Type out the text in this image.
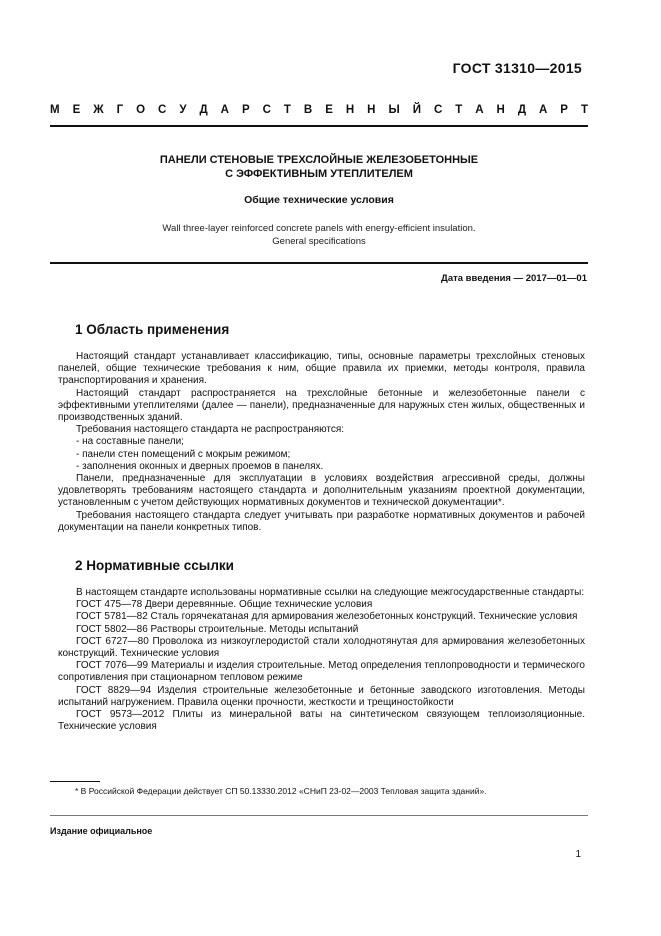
ГОСТ 31310—2015
М Е Ж Г О С У Д А Р С Т В Е Н Н Ы Й С Т А Н Д А Р Т
ПАНЕЛИ СТЕНОВЫЕ ТРЕХСЛОЙНЫЕ ЖЕЛЕЗОБЕТОННЫЕ
С ЭФФЕКТИВНЫМ УТЕПЛИТЕЛЕМ
Общие технические условия
Wall three-layer reinforced concrete panels with energy-efficient insulation.
General specifications
Дата введения — 2017—01—01
1 Область применения

Настоящий стандарт устанавливает классификацию, типы, основные параметры трехслойных стеновых панелей, общие технические требования к ним, общие правила их приемки, методы контроля, правила транспортирования и хранения.

Настоящий стандарт распространяется на трехслойные бетонные и железобетонные панели с эффективными утеплителями (далее — панели), предназначенные для наружных стен жилых, общественных и производственных зданий.

Требования настоящего стандарта не распространяются:

- на составные панели;

- панели стен помещений с мокрым режимом;

- заполнения оконных и дверных проемов в панелях.

Панели, предназначенные для эксплуатации в условиях воздействия агрессивной среды, должны удовлетворять требованиям настоящего стандарта и дополнительным указаниям проектной документации, установленным с учетом действующих нормативных документов и технической документации*.

Требования настоящего стандарта следует учитывать при разработке нормативных документов и рабочей документации на панели конкретных типов.

2 Нормативные ссылки

В настоящем стандарте использованы нормативные ссылки на следующие межгосударственные стандарты:

ГОСТ 475—78 Двери деревянные. Общие технические условия

ГОСТ 5781—82 Сталь горячекатаная для армирования железобетонных конструкций. Технические условия

ГОСТ 5802—86 Растворы строительные. Методы испытаний

ГОСТ 6727—80 Проволока из низкоуглеродистой стали холоднотянутая для армирования железобетонных конструкций. Технические условия

ГОСТ 7076—99 Материалы и изделия строительные. Метод определения теплопроводности и термического сопротивления при стационарном тепловом режиме

ГОСТ 8829—94 Изделия строительные железобетонные и бетонные заводского изготовления. Методы испытаний нагружением. Правила оценки прочности, жесткости и трещиностойкости

ГОСТ 9573—2012 Плиты из минеральной ваты на синтетическом связующем теплоизоляционные. Технические условия

* В Российской Федерации действует СП 50.13330.2012 «СНиП 23-02—2003 Тепловая защита зданий».
Издание официальное
1
